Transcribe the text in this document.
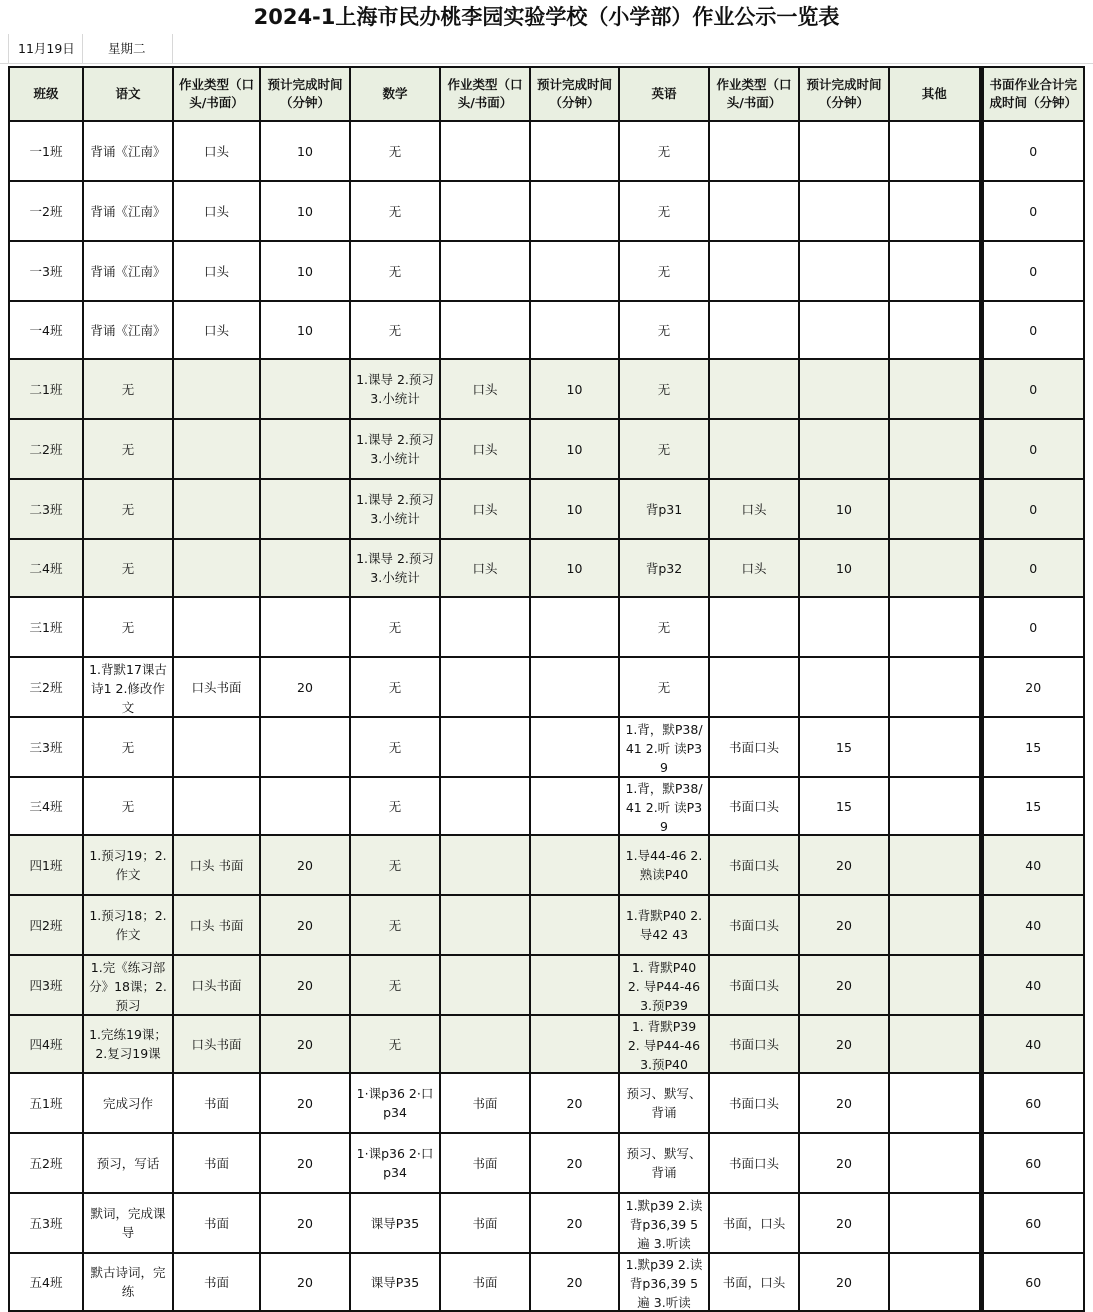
2024-1上海市民办桃李园实验学校（小学部）作业公示一览表
11月19日	星期二
班级	语文	作业类型（口头/书面）	预计完成时间（分钟）	数学	作业类型（口头/书面）	预计完成时间（分钟）	英语	作业类型（口头/书面）	预计完成时间（分钟）	其他	书面作业合计完成时间（分钟）

一1班	背诵《江南》	口头	10	无			无				0

一2班	背诵《江南》	口头	10	无			无				0

一3班	背诵《江南》	口头	10	无			无				0

一4班	背诵《江南》	口头	10	无			无				0

二1班	无			1.课导 2.预习 3.小统计	口头	10	无				0

二2班	无			1.课导 2.预习 3.小统计	口头	10	无				0

二3班	无			1.课导 2.预习 3.小统计	口头	10	背p31	口头	10		0

二4班	无			1.课导 2.预习 3.小统计	口头	10	背p32	口头	10		0

三1班	无			无			无				0

三2班	1.背默17课古诗1 2.修改作文	口头书面	20	无			无				20

三3班	无			无			1.背，默P38/41 2.听 读P39	书面口头	15		15

三4班	无			无			1.背，默P38/41 2.听 读P39	书面口头	15		15

四1班	1.预习19；2.作文	口头 书面	20	无			1.导44-46 2.熟读P40	书面口头	20		40

四2班	1.预习18；2.作文	口头 书面	20	无			1.背默P40 2.导42 43	书面口头	20		40

四3班	1.完《练习部分》18课；2.预习	口头书面	20	无			1. 背默P40 2. 导P44-46 3.预P39	书面口头	20		40

四4班	1.完练19课；2.复习19课	口头书面	20	无			1. 背默P39 2. 导P44-46 3.预P40	书面口头	20		40

五1班	完成习作	书面	20	1·课p36 2·口p34	书面	20	预习、默写、背诵	书面口头	20		60

五2班	预习，写话	书面	20	1·课p36 2·口p34	书面	20	预习、默写、背诵	书面口头	20		60

五3班	默词，完成课导	书面	20	课导P35	书面	20	1.默p39 2.读背p36,39 5遍 3.听读	书面，口头	20		60

五4班	默古诗词，完练	书面	20	课导P35	书面	20	1.默p39 2.读背p36,39 5遍 3.听读	书面，口头	20		60
